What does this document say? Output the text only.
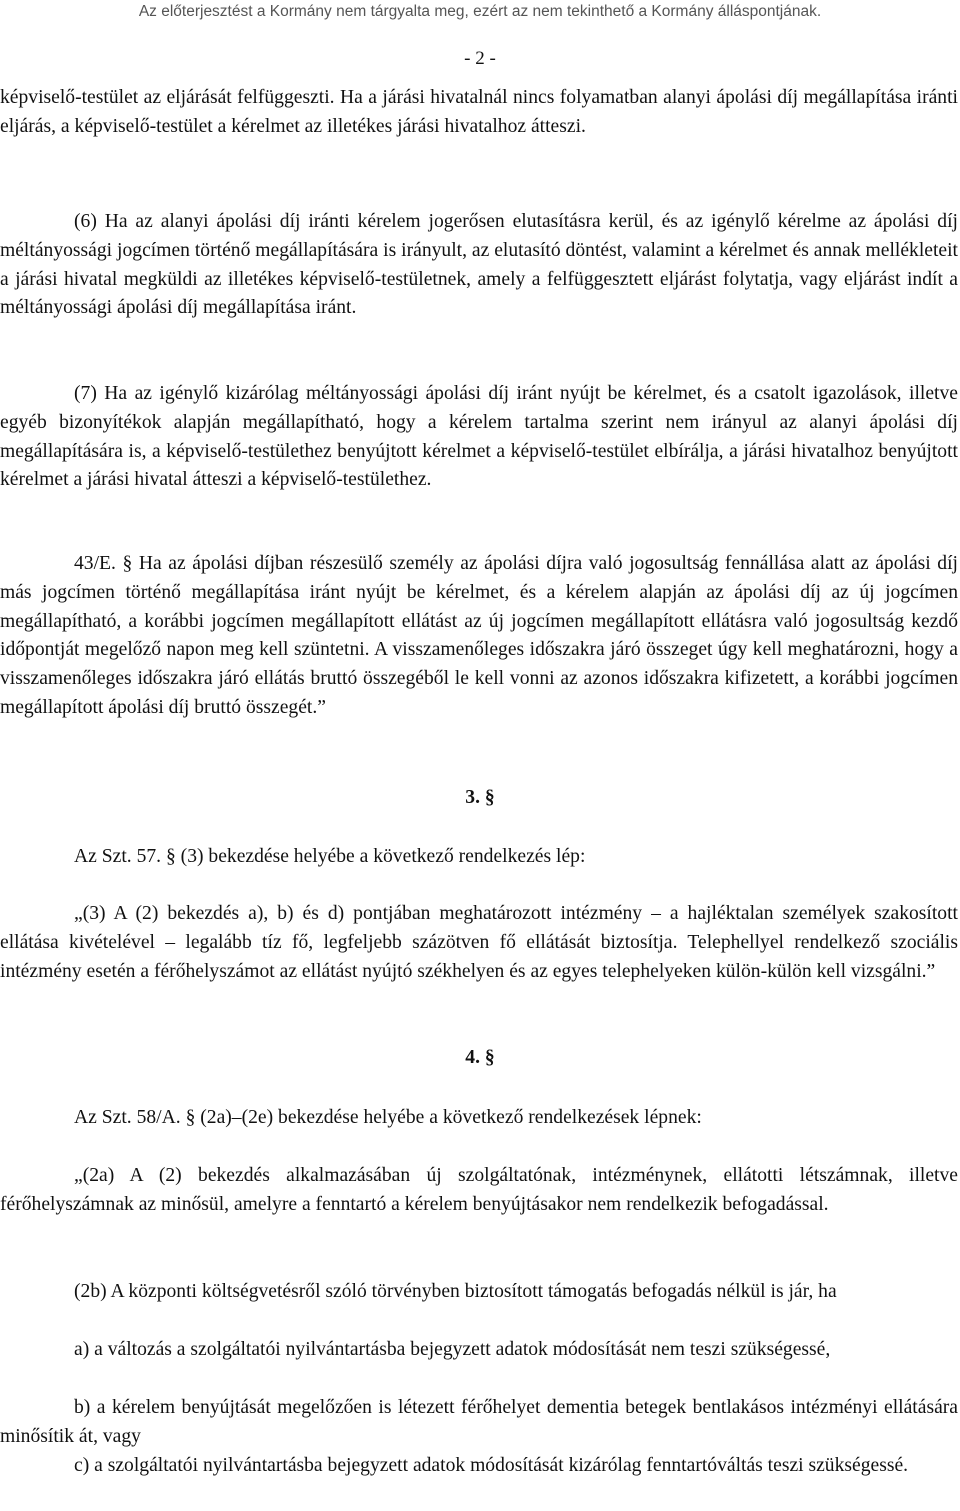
Az előterjesztést a Kormány nem tárgyalta meg, ezért az nem tekinthető a Kormány álláspontjának.
- 2 -
képviselő-testület az eljárását felfüggeszti. Ha a járási hivatalnál nincs folyamatban alanyi ápolási díj megállapítása iránti eljárás, a képviselő-testület a kérelmet az illetékes járási hivatalhoz átteszi.
(6) Ha az alanyi ápolási díj iránti kérelem jogerősen elutasításra kerül, és az igénylő kérelme az ápolási díj méltányossági jogcímen történő megállapítására is irányult, az elutasító döntést, valamint a kérelmet és annak mellékleteit a járási hivatal megküldi az illetékes képviselő-testületnek, amely a felfüggesztett eljárást folytatja, vagy eljárást indít a méltányossági ápolási díj megállapítása iránt.
(7) Ha az igénylő kizárólag méltányossági ápolási díj iránt nyújt be kérelmet, és a csatolt igazolások, illetve egyéb bizonyítékok alapján megállapítható, hogy a kérelem tartalma szerint nem irányul az alanyi ápolási díj megállapítására is, a képviselő-testülethez benyújtott kérelmet a képviselő-testület elbírálja, a járási hivatalhoz benyújtott kérelmet a járási hivatal átteszi a képviselő-testülethez.
43/E. § Ha az ápolási díjban részesülő személy az ápolási díjra való jogosultság fennállása alatt az ápolási díj más jogcímen történő megállapítása iránt nyújt be kérelmet, és a kérelem alapján az ápolási díj az új jogcímen megállapítható, a korábbi jogcímen megállapított ellátást az új jogcímen megállapított ellátásra való jogosultság kezdő időpontját megelőző napon meg kell szüntetni. A visszamenőleges időszakra járó összeget úgy kell meghatározni, hogy a visszamenőleges időszakra járó ellátás bruttó összegéből le kell vonni az azonos időszakra kifizetett, a korábbi jogcímen megállapított ápolási díj bruttó összegét.”
3. §
Az Szt. 57. § (3) bekezdése helyébe a következő rendelkezés lép:
„(3) A (2) bekezdés a), b) és d) pontjában meghatározott intézmény – a hajléktalan személyek szakosított ellátása kivételével – legalább tíz fő, legfeljebb százötven fő ellátását biztosítja. Telephellyel rendelkező szociális intézmény esetén a férőhelyszámot az ellátást nyújtó székhelyen és az egyes telephelyeken külön-külön kell vizsgálni.”
4. §
Az Szt. 58/A. § (2a)–(2e) bekezdése helyébe a következő rendelkezések lépnek:
„(2a) A (2) bekezdés alkalmazásában új szolgáltatónak, intézménynek, ellátotti létszámnak, illetve férőhelyszámnak az minősül, amelyre a fenntartó a kérelem benyújtásakor nem rendelkezik befogadással.
(2b) A központi költségvetésről szóló törvényben biztosított támogatás befogadás nélkül is jár, ha
a) a változás a szolgáltatói nyilvántartásba bejegyzett adatok módosítását nem teszi szükségessé,
b) a kérelem benyújtását megelőzően is létezett férőhelyet dementia betegek bentlakásos intézményi ellátására minősítik át, vagy
c) a szolgáltatói nyilvántartásba bejegyzett adatok módosítását kizárólag fenntartóváltás teszi szükségessé.
